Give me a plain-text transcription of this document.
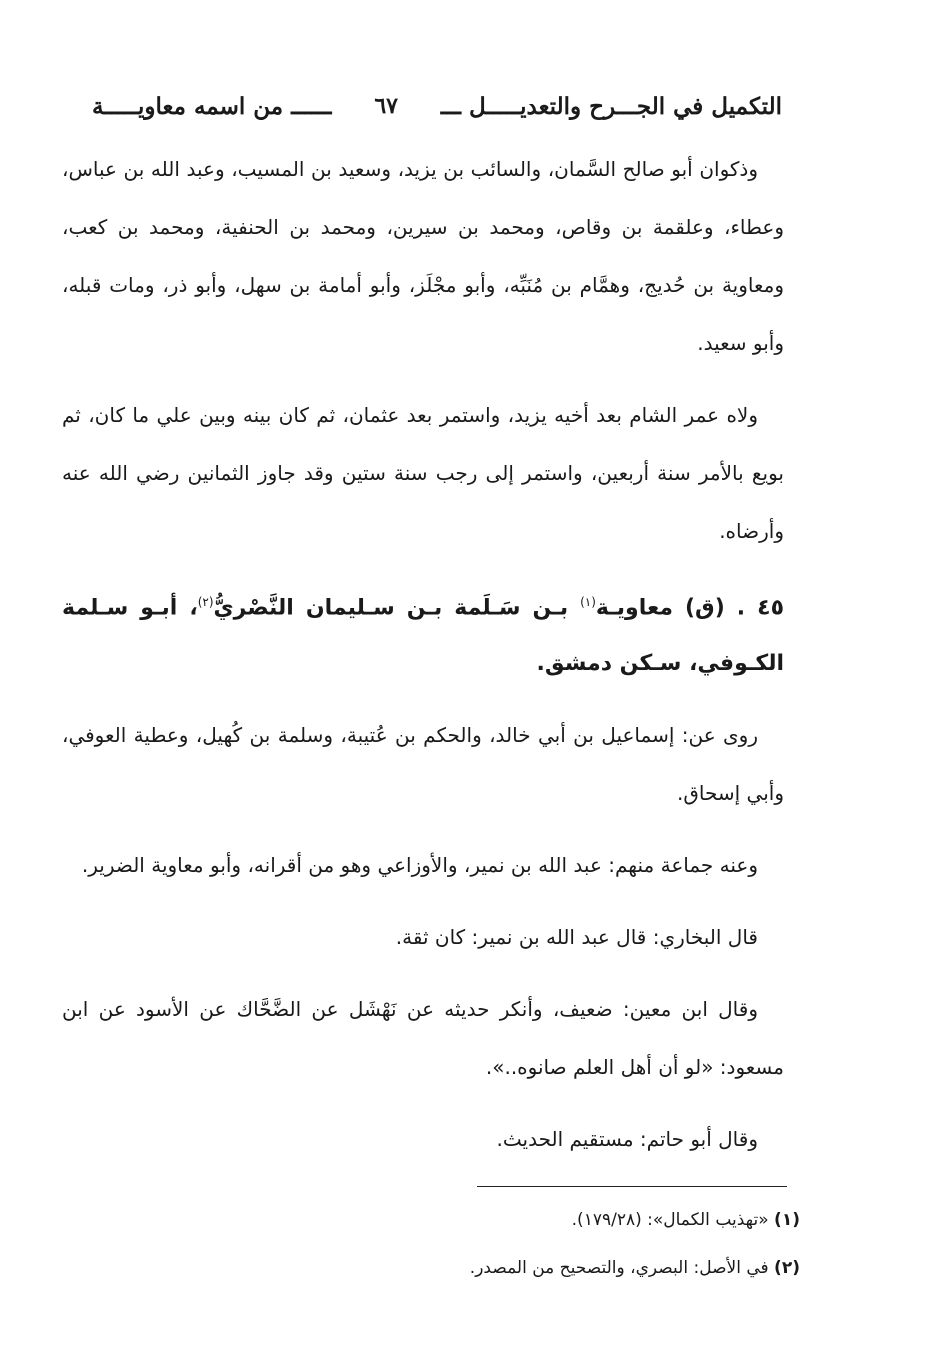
التكميل في الجـــرح والتعديـــــل ـــ
٦٧
ــــــ من اسمه معاويـــــة

وذكوان أبو صالح السَّمان، والسائب بن يزيد، وسعيد بن المسيب، وعبد الله بن عباس، وعطاء، وعلقمة بن وقاص، ومحمد بن سيرين، ومحمد بن الحنفية، ومحمد بن كعب، ومعاوية بن حُديج، وهمَّام بن مُنَبِّه، وأبو مجْلَز، وأبو أمامة بن سهل، وأبو ذر، ومات قبله، وأبو سعيد.

ولاه عمر الشام بعد أخيه يزيد، واستمر بعد عثمان، ثم كان بينه وبين علي ما كان، ثم بويع بالأمر سنة أربعين، واستمر إلى رجب سنة ستين وقد جاوز الثمانين رضي الله عنه وأرضاه.

٤٥ . (ق) معاويـة$^{(١)}$ بـن سَـلَمة بـن سـليمان النَّصْريُّ$^{(٢)}$، أبـو سـلمة الكـوفي، سـكن دمشق.

روى عن: إسماعيل بن أبي خالد، والحكم بن عُتيبة، وسلمة بن كُهيل، وعطية العوفي، وأبي إسحاق.

وعنه جماعة منهم: عبد الله بن نمير، والأوزاعي وهو من أقرانه، وأبو معاوية الضرير.

قال البخاري: قال عبد الله بن نمير: كان ثقة.

وقال ابن معين: ضعيف، وأنكر حديثه عن نَهْشَل عن الضَّحَّاك عن الأسود عن ابن مسعود: «لو أن أهل العلم صانوه..».

وقال أبو حاتم: مستقيم الحديث.

(١) «تهذيب الكمال»: (١٧٩/٢٨).

(٢) في الأصل: البصري، والتصحيح من المصدر.
